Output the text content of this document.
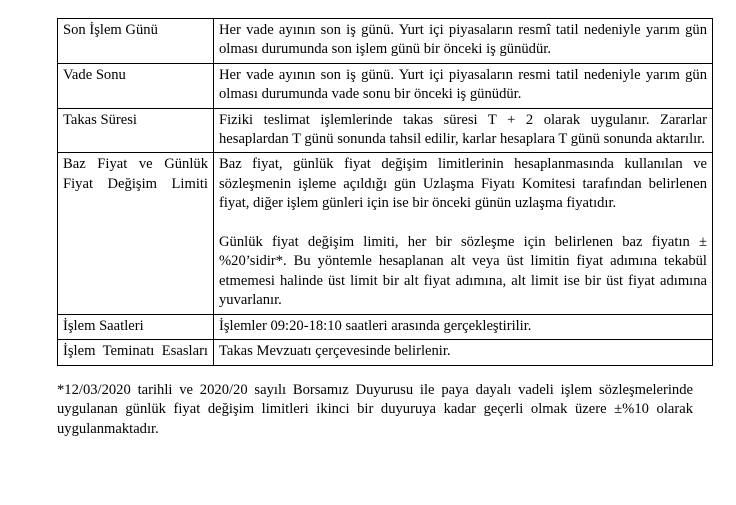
Son İşlem Günü	Her vade ayının son iş günü. Yurt içi piyasaların resmî tatil nedeniyle yarım gün olması durumunda son işlem günü bir önceki iş günüdür.

Vade Sonu	Her vade ayının son iş günü. Yurt içi piyasaların resmi tatil nedeniyle yarım gün olması durumunda vade sonu bir önceki iş günüdür.

Takas Süresi	Fiziki teslimat işlemlerinde takas süresi T + 2 olarak uygulanır. Zararlar hesaplardan T günü sonunda tahsil edilir, karlar hesaplara T günü sonunda aktarılır.

Baz Fiyat ve Günlük Fiyat Değişim Limiti	Baz fiyat, günlük fiyat değişim limitlerinin hesaplanmasında kullanılan ve sözleşmenin işleme açıldığı gün Uzlaşma Fiyatı Komitesi tarafından belirlenen fiyat, diğer işlem günleri için ise bir önceki günün uzlaşma fiyatıdır.

Günlük fiyat değişim limiti, her bir sözleşme için belirlenen baz fiyatın ±%20’sidir*. Bu yöntemle hesaplanan alt veya üst limitin fiyat adımına tekabül etmemesi halinde üst limit bir alt fiyat adımına, alt limit ise bir üst fiyat adımına yuvarlanır.

İşlem Saatleri	İşlemler 09:20-18:10 saatleri arasında gerçekleştirilir.

İşlem Teminatı Esasları	Takas Mevzuatı çerçevesinde belirlenir.

*12/03/2020 tarihli ve 2020/20 sayılı Borsamız Duyurusu ile paya dayalı vadeli işlem sözleşmelerinde uygulanan günlük fiyat değişim limitleri ikinci bir duyuruya kadar geçerli olmak üzere ±%10 olarak uygulanmaktadır.
